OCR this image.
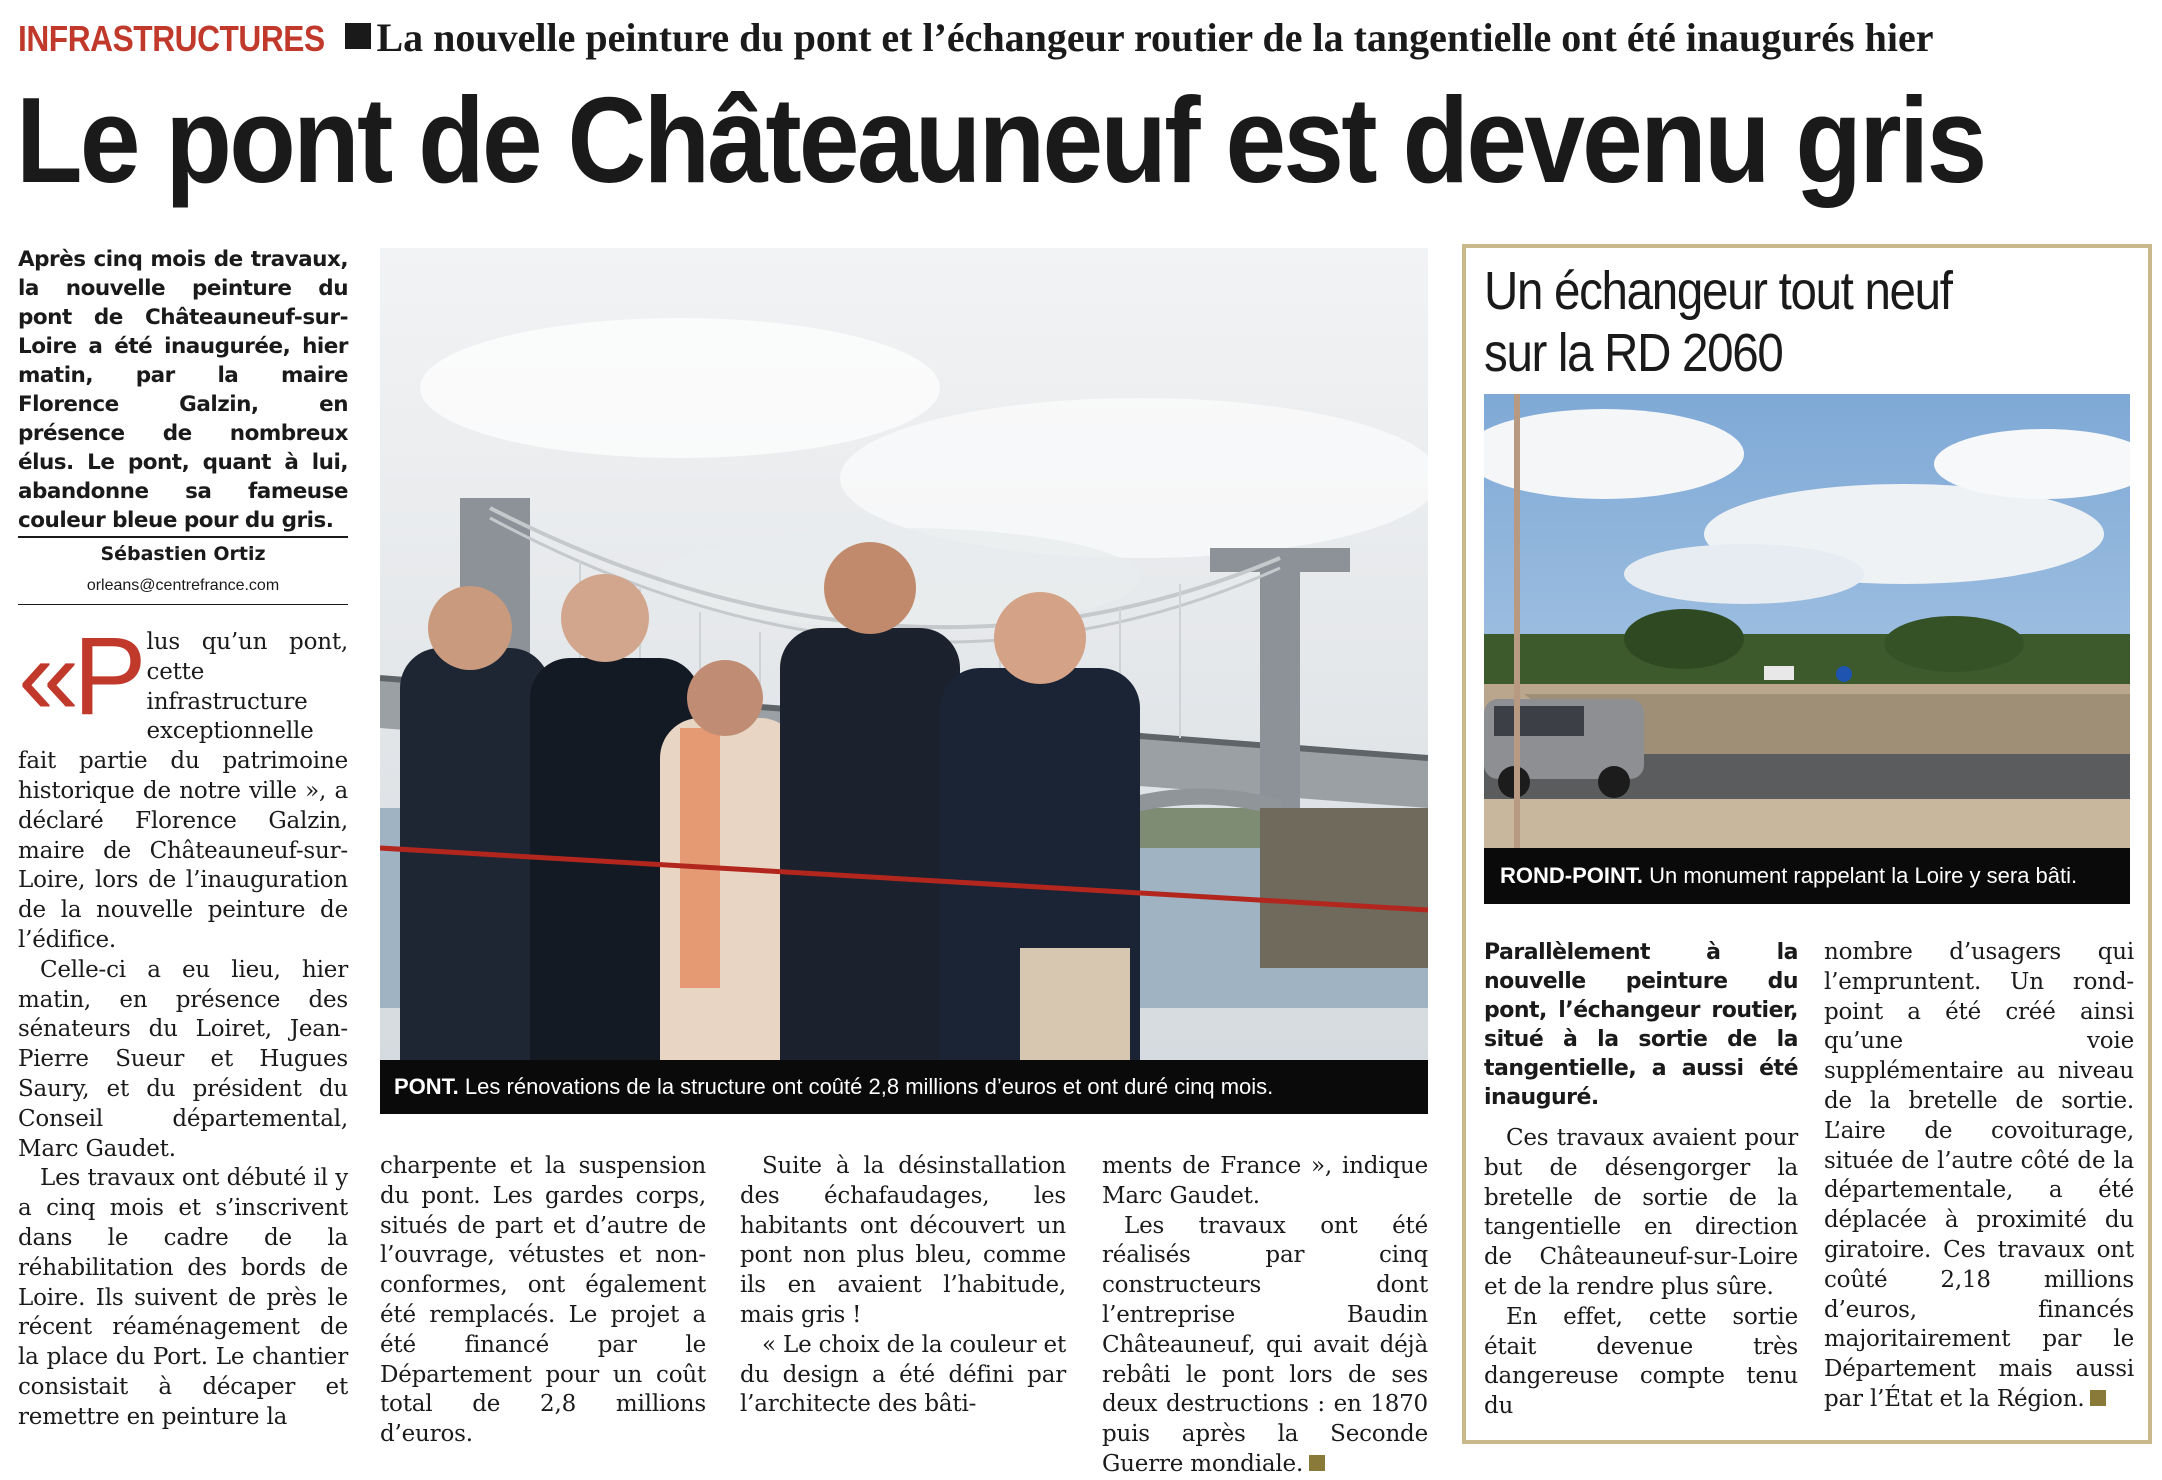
INFRASTRUCTURES La nouvelle peinture du pont et l’échangeur routier de la tangentielle ont été inaugurés hier
Le pont de Châteauneuf est devenu gris
Après cinq mois de travaux, la nouvelle peinture du pont de Châteauneuf-sur-Loire a été inaugurée, hier matin, par la maire Florence Galzin, en présence de nombreux élus. Le pont, quant à lui, abandonne sa fameuse couleur bleue pour du gris.
Sébastien Ortiz
orleans@centrefrance.com

«Plus qu’un pont, cette infrastructure exceptionnelle fait partie du patrimoine historique de notre ville », a déclaré Florence Galzin, maire de Châteauneuf-sur-Loire, lors de l’inauguration de la nouvelle peinture de l’édifice.

Celle-ci a eu lieu, hier matin, en présence des sénateurs du Loiret, Jean-Pierre Sueur et Hugues Saury, et du président du Conseil départemental, Marc Gaudet.

Les travaux ont débuté il y a cinq mois et s’inscrivent dans le cadre de la réhabilitation des bords de Loire. Ils suivent de près le récent réaménagement de la place du Port. Le chantier consistait à décaper et remettre en peinture la

PONT. Les rénovations de la structure ont coûté 2,8 millions d’euros et ont duré cinq mois.

charpente et la suspension du pont. Les gardes corps, situés de part et d’autre de l’ouvrage, vétustes et non-conformes, ont également été remplacés. Le projet a été financé par le Département pour un coût total de 2,8 millions d’euros.

Suite à la désinstallation des échafaudages, les habitants ont découvert un pont non plus bleu, comme ils en avaient l’habitude, mais gris !

« Le choix de la couleur et du design a été défini par l’architecte des bâti-

ments de France », indique Marc Gaudet.

Les travaux ont été réalisés par cinq constructeurs dont l’entreprise Baudin Châteauneuf, qui avait déjà rebâti le pont lors de ses deux destructions : en 1870 puis après la Seconde Guerre mondiale.

Un échangeur tout neuf
sur la RD 2060
ROND-POINT. Un monument rappelant la Loire y sera bâti.
Parallèlement à la nouvelle peinture du pont, l’échangeur routier, situé à la sortie de la tangentielle, a aussi été inauguré.

Ces travaux avaient pour but de désengorger la bretelle de sortie de la tangentielle en direction de Châteauneuf-sur-Loire et de la rendre plus sûre.

En effet, cette sortie était devenue très dangereuse compte tenu du

nombre d’usagers qui l’empruntent. Un rond-point a été créé ainsi qu’une voie supplémentaire au niveau de la bretelle de sortie. L’aire de covoiturage, située de l’autre côté de la départementale, a été déplacée à proximité du giratoire. Ces travaux ont coûté 2,18 millions d’euros, financés majoritairement par le Département mais aussi par l’État et la Région.
